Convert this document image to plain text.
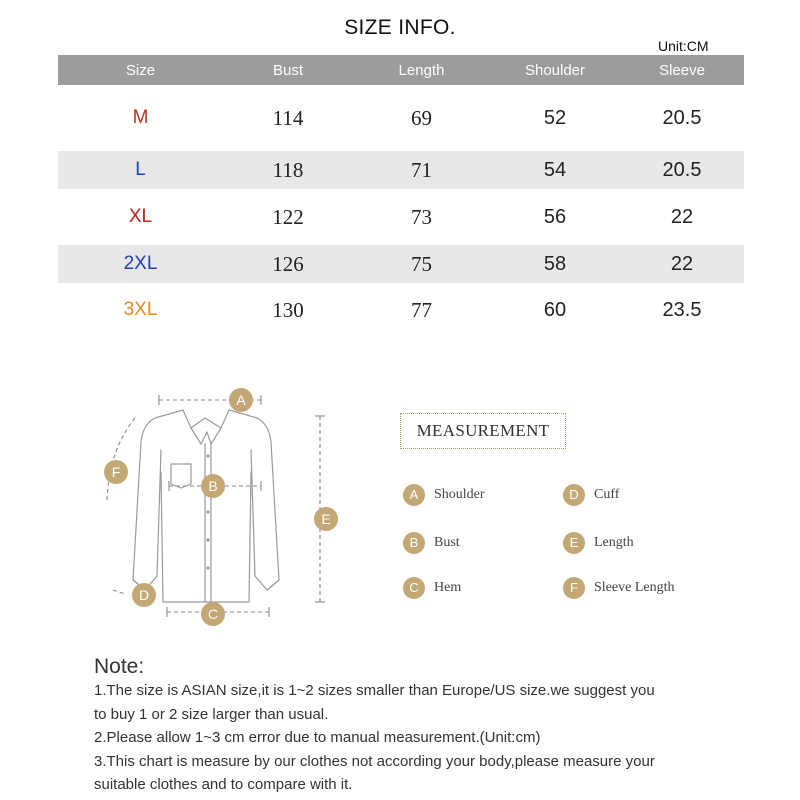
SIZE INFO.
Unit:CM
Size	Bust	Length	Shoulder	Sleeve
M	114	69	52	20.5
L	118	71	54	20.5
XL	122	73	56	22
2XL	126	75	58	22
3XL	130	77	60	23.5
A
B
C
D
E
F
MEASUREMENT
A	Shoulder
B	Bust
C	Hem
D	Cuff
E	Length
F	Sleeve Length
Note:
1.The size is ASIAN size,it is 1~2 sizes smaller than Europe/US size.we suggest you
to buy 1 or 2 size larger than usual.
2.Please allow 1~3 cm error due to manual measurement.(Unit:cm)
3.This chart is measure by our clothes not according your body,please measure your
suitable clothes and to compare with it.
